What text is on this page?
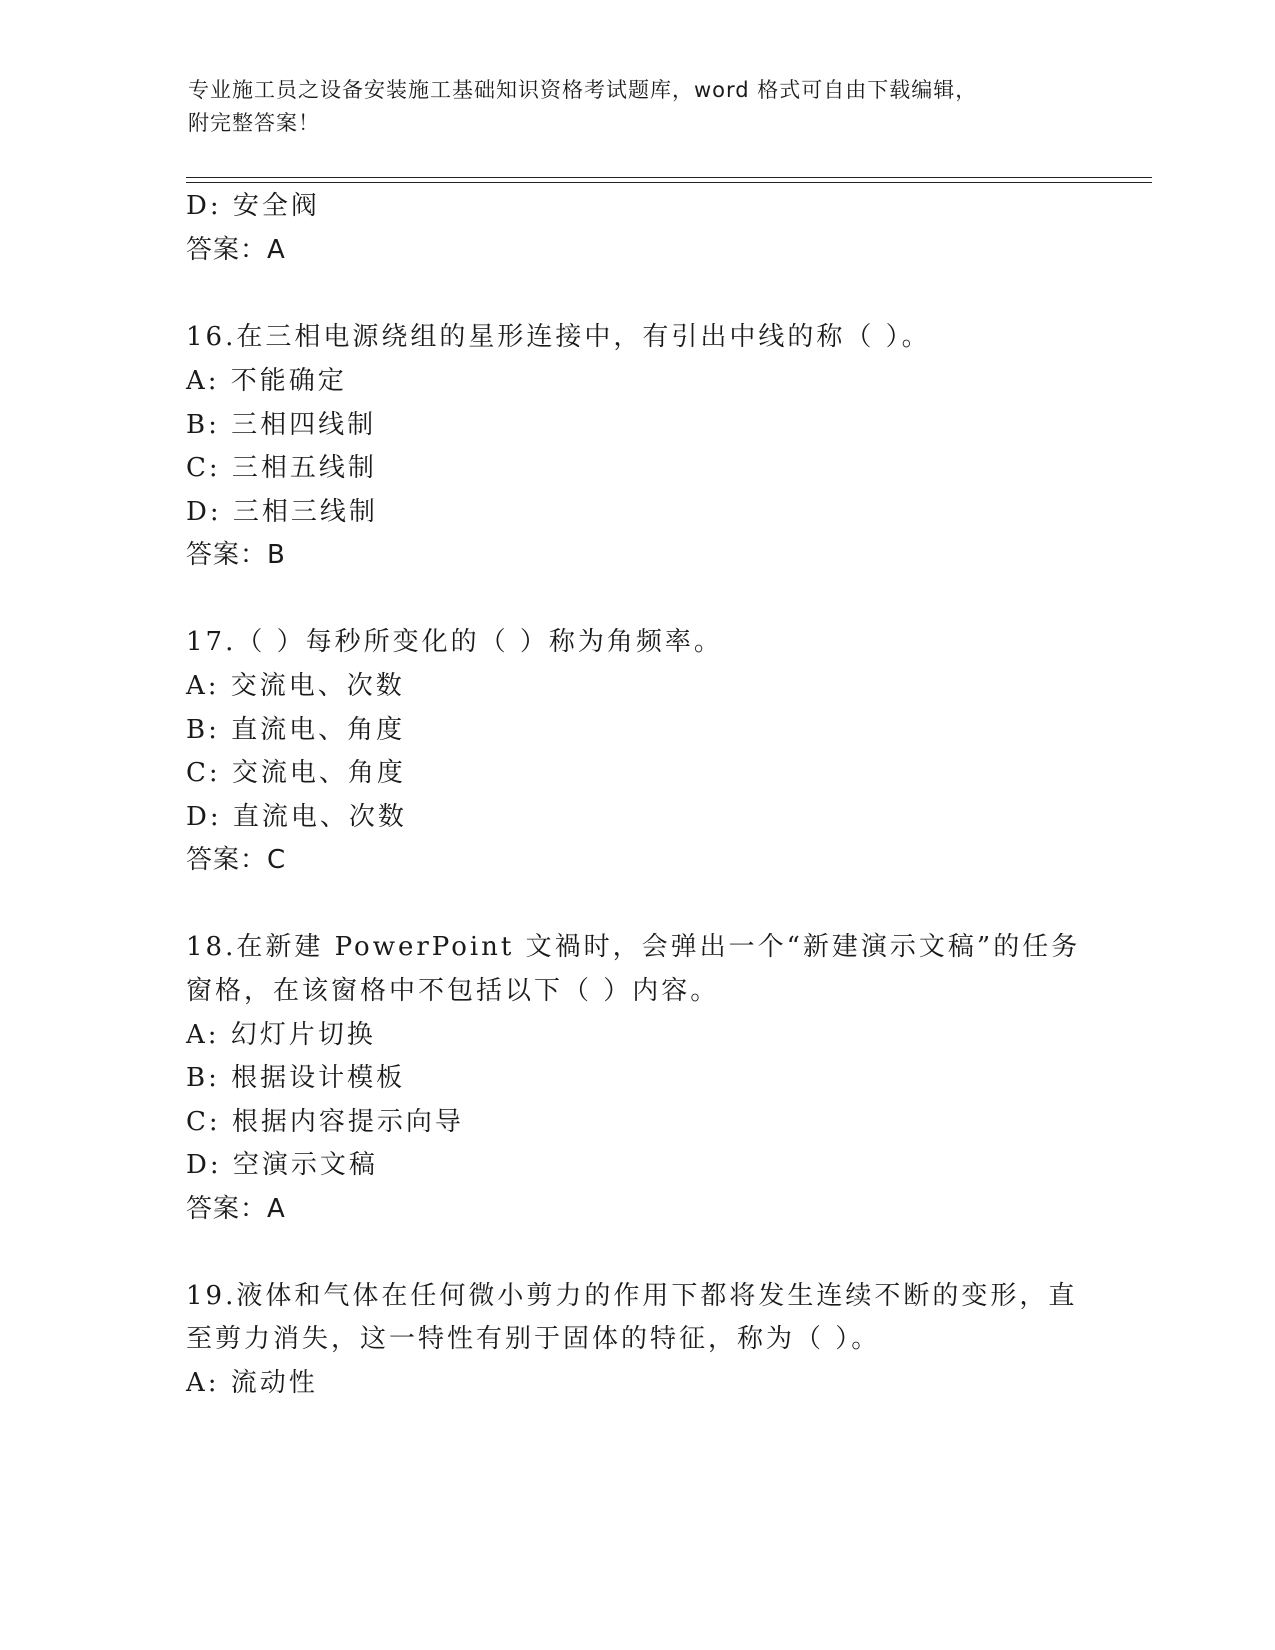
专业施工员之设备安装施工基础知识资格考试题库，word 格式可自由下载编辑，
附完整答案！
D: 安全阀
答案：A
16.在三相电源绕组的星形连接中，有引出中线的称（ ）。
A: 不能确定
B: 三相四线制
C: 三相五线制
D: 三相三线制
答案：B
17.（ ）每秒所变化的（ ）称为角频率。
A: 交流电、次数
B: 直流电、角度
C: 交流电、角度
D: 直流电、次数
答案：C
18.在新建 PowerPoint 文禍时，会弹出一个“新建演示文稿”的任务
窗格，在该窗格中不包括以下（ ）内容。
A: 幻灯片切换
B: 根据设计模板
C: 根据内容提示向导
D: 空演示文稿
答案：A
19.液体和气体在任何微小剪力的作用下都将发生连续不断的变形，直
至剪力消失，这一特性有别于固体的特征，称为（ ）。
A: 流动性
